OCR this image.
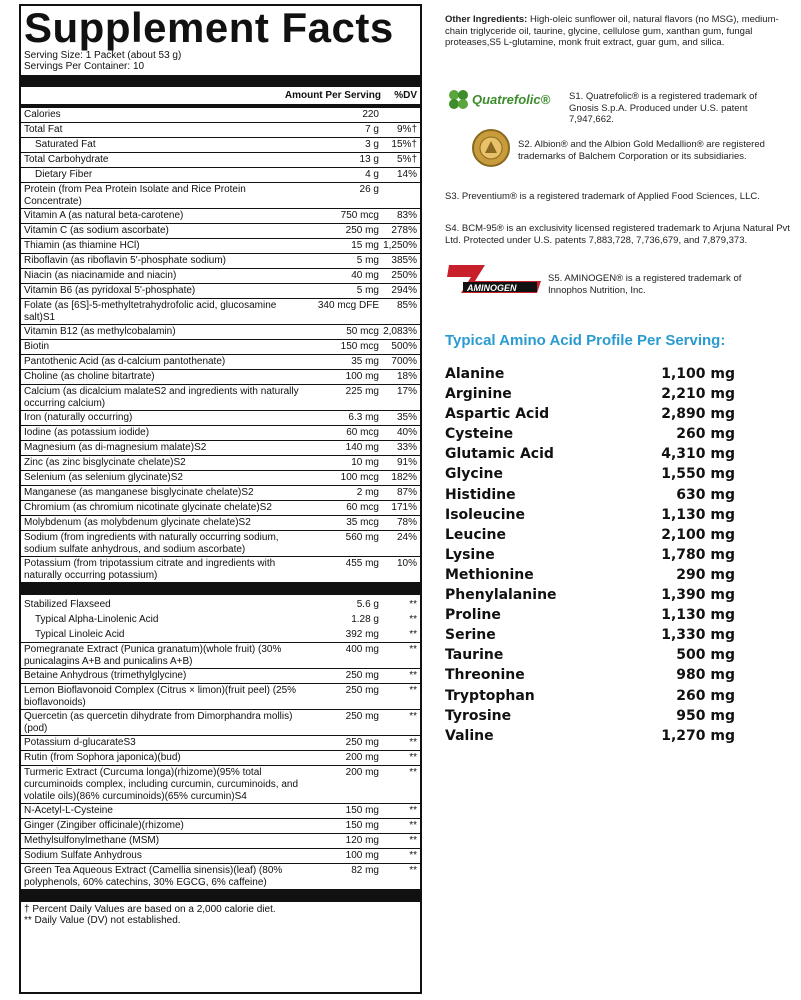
Supplement Facts
Serving Size: 1 Packet (about 53 g)
Servings Per Container: 10
Amount Per Serving	%DV
Calories	220
Total Fat	7 g	9%†
Saturated Fat	3 g	15%†
Total Carbohydrate	13 g	5%†
Dietary Fiber	4 g	14%
Protein (from Pea Protein Isolate and Rice Protein Concentrate)
26 g
Vitamin A (as natural beta-carotene)	750 mcg	83%
Vitamin C (as sodium ascorbate)	250 mg	278%
Thiamin (as thiamine HCl)	15 mg 1,250%
Riboflavin (as riboflavin 5'-phosphate sodium)	5 mg	385%
Niacin (as niacinamide and niacin)	40 mg	250%
Vitamin B6 (as pyridoxal 5'-phosphate)	5 mg	294%
Folate (as [6S]-5-methyltetrahydrofolic acid, glucosamine salt)S1
340 mcg DFE	85%
Vitamin B12 (as methylcobalamin)	50 mcg 2,083%
Biotin	150 mcg	500%
Pantothenic Acid (as d-calcium pantothenate)	35 mg	700%
Choline (as choline bitartrate)	100 mg	18%
Calcium (as dicalcium malateS2 and ingredients with naturally occurring calcium)
225 mg	17%
Iron (naturally occurring)	6.3 mg	35%
Iodine (as potassium iodide)	60 mcg	40%
Magnesium (as di-magnesium malate)S2	140 mg	33%
Zinc (as zinc bisglycinate chelate)S2	10 mg	91%
Selenium (as selenium glycinate)S2	100 mcg	182%
Manganese (as manganese bisglycinate chelate)S2	2 mg	87%
Chromium (as chromium nicotinate glycinate chelate)S2	60 mcg	171%
Molybdenum (as molybdenum glycinate chelate)S2	35 mcg	78%
Sodium (from ingredients with naturally occurring sodium, sodium sulfate anhydrous, and sodium ascorbate)
560 mg	24%
Potassium (from tripotassium citrate and ingredients with naturally occurring potassium)
455 mg	10%
Stabilized Flaxseed	5.6 g	**
Typical Alpha-Linolenic Acid	1.28 g	**
Typical Linoleic Acid	392 mg	**
Pomegranate Extract (Punica granatum)(whole fruit) (30% punicalagins A+B and punicalins A+B)
400 mg	**
Betaine Anhydrous (trimethylglycine)	250 mg	**
Lemon Bioflavonoid Complex (Citrus × limon)(fruit peel) (25% bioflavonoids)
250 mg	**
Quercetin (as quercetin dihydrate from Dimorphandra mollis)(pod)
250 mg	**
Potassium d-glucarateS3	250 mg	**
Rutin (from Sophora japonica)(bud)	200 mg	**
Turmeric Extract (Curcuma longa)(rhizome)(95% total curcuminoids complex, including curcumin, curcuminoids, and volatile oils)(86% curcuminoids)(65% curcumin)S4
200 mg	**
N-Acetyl-L-Cysteine	150 mg	**
Ginger (Zingiber officinale)(rhizome)	150 mg	**
Methylsulfonylmethane (MSM)	120 mg	**
Sodium Sulfate Anhydrous	100 mg	**
Green Tea Aqueous Extract (Camellia sinensis)(leaf) (80% polyphenols, 60% catechins, 30% EGCG, 6% caffeine)
82 mg	**
† Percent Daily Values are based on a 2,000 calorie diet.
** Daily Value (DV) not established.
Other Ingredients: High-oleic sunflower oil, natural flavors (no MSG), medium-chain triglyceride oil, taurine, glycine, cellulose gum, xanthan gum, fungal proteases,S5 L-glutamine, monk fruit extract, guar gum, and silica.
Quatrefolic® S1. Quatrefolic® is a registered trademark of Gnosis S.p.A. Produced under U.S. patent 7,947,662.
S2. Albion® and the Albion Gold Medallion® are registered trademarks of Balchem Corporation or its subsidiaries.
S3. Preventium® is a registered trademark of Applied Food Sciences, LLC.
S4. BCM-95® is an exclusivity licensed registered trademark to Arjuna Natural Pvt Ltd. Protected under U.S. patents 7,883,728, 7,736,679, and 7,879,373.
AMINOGEN
S5. AMINOGEN® is a registered trademark of Innophos Nutrition, Inc.
Typical Amino Acid Profile Per Serving:
Alanine	1,100 mg
Arginine	2,210 mg
Aspartic Acid	2,890 mg
Cysteine	260 mg
Glutamic Acid	4,310 mg
Glycine	1,550 mg
Histidine	630 mg
Isoleucine	1,130 mg
Leucine	2,100 mg
Lysine	1,780 mg
Methionine	290 mg
Phenylalanine	1,390 mg
Proline	1,130 mg
Serine	1,330 mg
Taurine	500 mg
Threonine	980 mg
Tryptophan	260 mg
Tyrosine	950 mg
Valine	1,270 mg
